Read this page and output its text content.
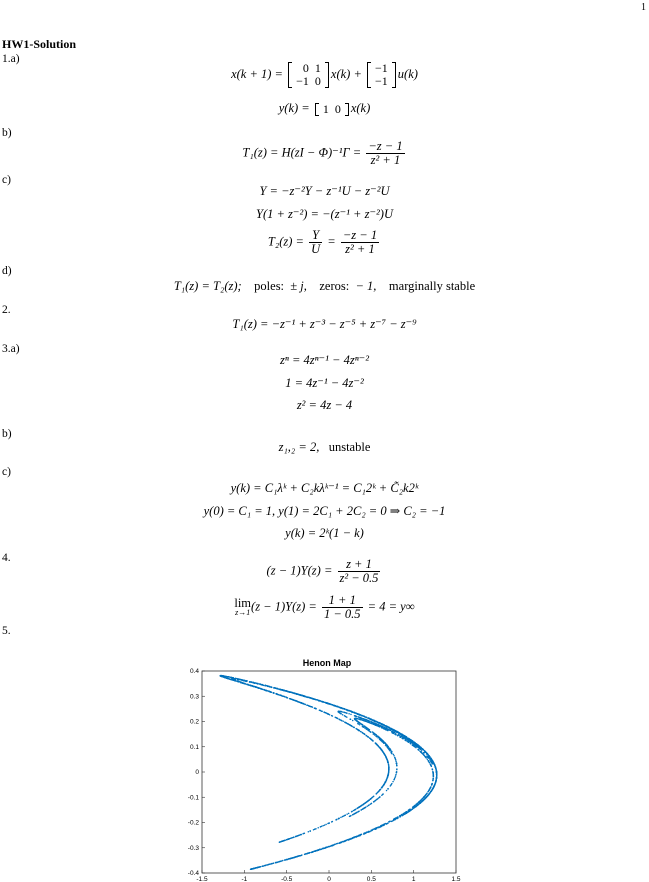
1
HW1-Solution
1.a)
x(k + 1) = 0	1
−1	0
x(k) + −1
−1
u(k)
y(k) = 1	0 x(k)
b)
$T_1(z) = H(zI - \Phi)^{-1}\Gamma = \frac{-z - 1}{\text{z² + 1}}$
c)
Y = −z⁻²Y − z⁻¹U − z⁻²U
Y(1 + z⁻²) = −(z⁻¹ + z⁻²)U
$T_2(z) = \frac{Y}{U} = \frac{-z - 1}{\text{z² + 1}}$
d)
T₁(z) = T₂(z); poles: ± j, zeros: − 1, marginally stable
2.
T₁(z) = −z⁻¹ + z⁻³ − z⁻⁵ + z⁻⁷ − z⁻⁹
3.a)
zⁿ = 4zⁿ⁻¹ − 4zⁿ⁻²
1 = 4z⁻¹ − 4z⁻²
z² = 4z − 4
b)
z₁,₂ = 2, unstable
c)
y(k) = C₁λᵏ + C₂kλᵏ⁻¹ = C₁2ᵏ + C̃₂k2ᵏ
y(0) = C₁ = 1, y(1) = 2C₁ + 2C₂ = 0 ⇒ C₂ = −1
y(k) = 2ᵏ(1 − k)
4.
$(z - 1)Y(z) = \frac{z + 1}{\text{z² − 0.5}}$
lim
z→1 $(z - 1)Y(z) = \frac{1 + 1}{1 - 0.5} = 4 = y\infty$
5.
Henon Map
-1.5	-1	-0.5	0	0.5	1	1.5
0.4
0.3
0.2
0.1
0
-0.1
-0.2
-0.3
-0.4
